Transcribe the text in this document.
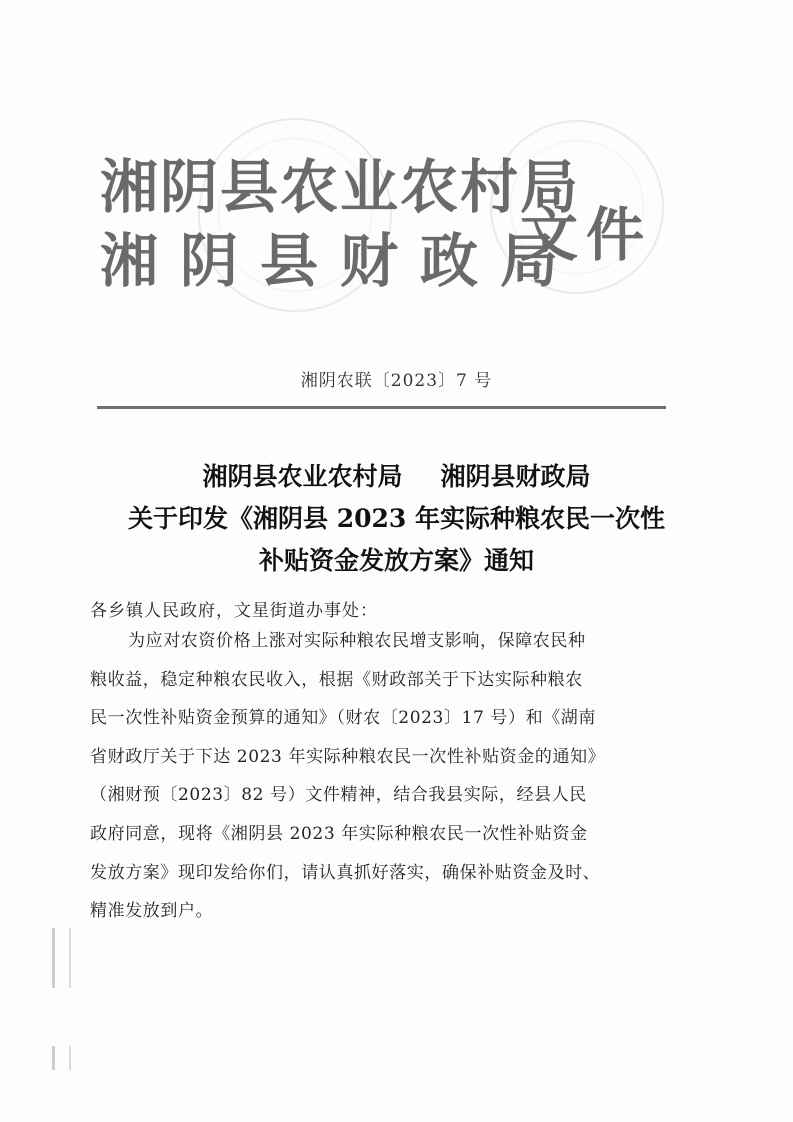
湘阴县农业农村局
湘阴县财政局
文件
湘阴农联〔2023〕7 号
湘阴县农业农村局 湘阴县财政局
关于印发《湘阴县 2023 年实际种粮农民一次性
补贴资金发放方案》通知
各乡镇人民政府，文星街道办事处：
为应对农资价格上涨对实际种粮农民增支影响，保障农民种
粮收益，稳定种粮农民收入，根据《财政部关于下达实际种粮农
民一次性补贴资金预算的通知》（财农〔2023〕17 号）和《湖南
省财政厅关于下达 2023 年实际种粮农民一次性补贴资金的通知》
（湘财预〔2023〕82 号）文件精神，结合我县实际，经县人民
政府同意，现将《湘阴县 2023 年实际种粮农民一次性补贴资金
发放方案》现印发给你们，请认真抓好落实，确保补贴资金及时、
精准发放到户。
